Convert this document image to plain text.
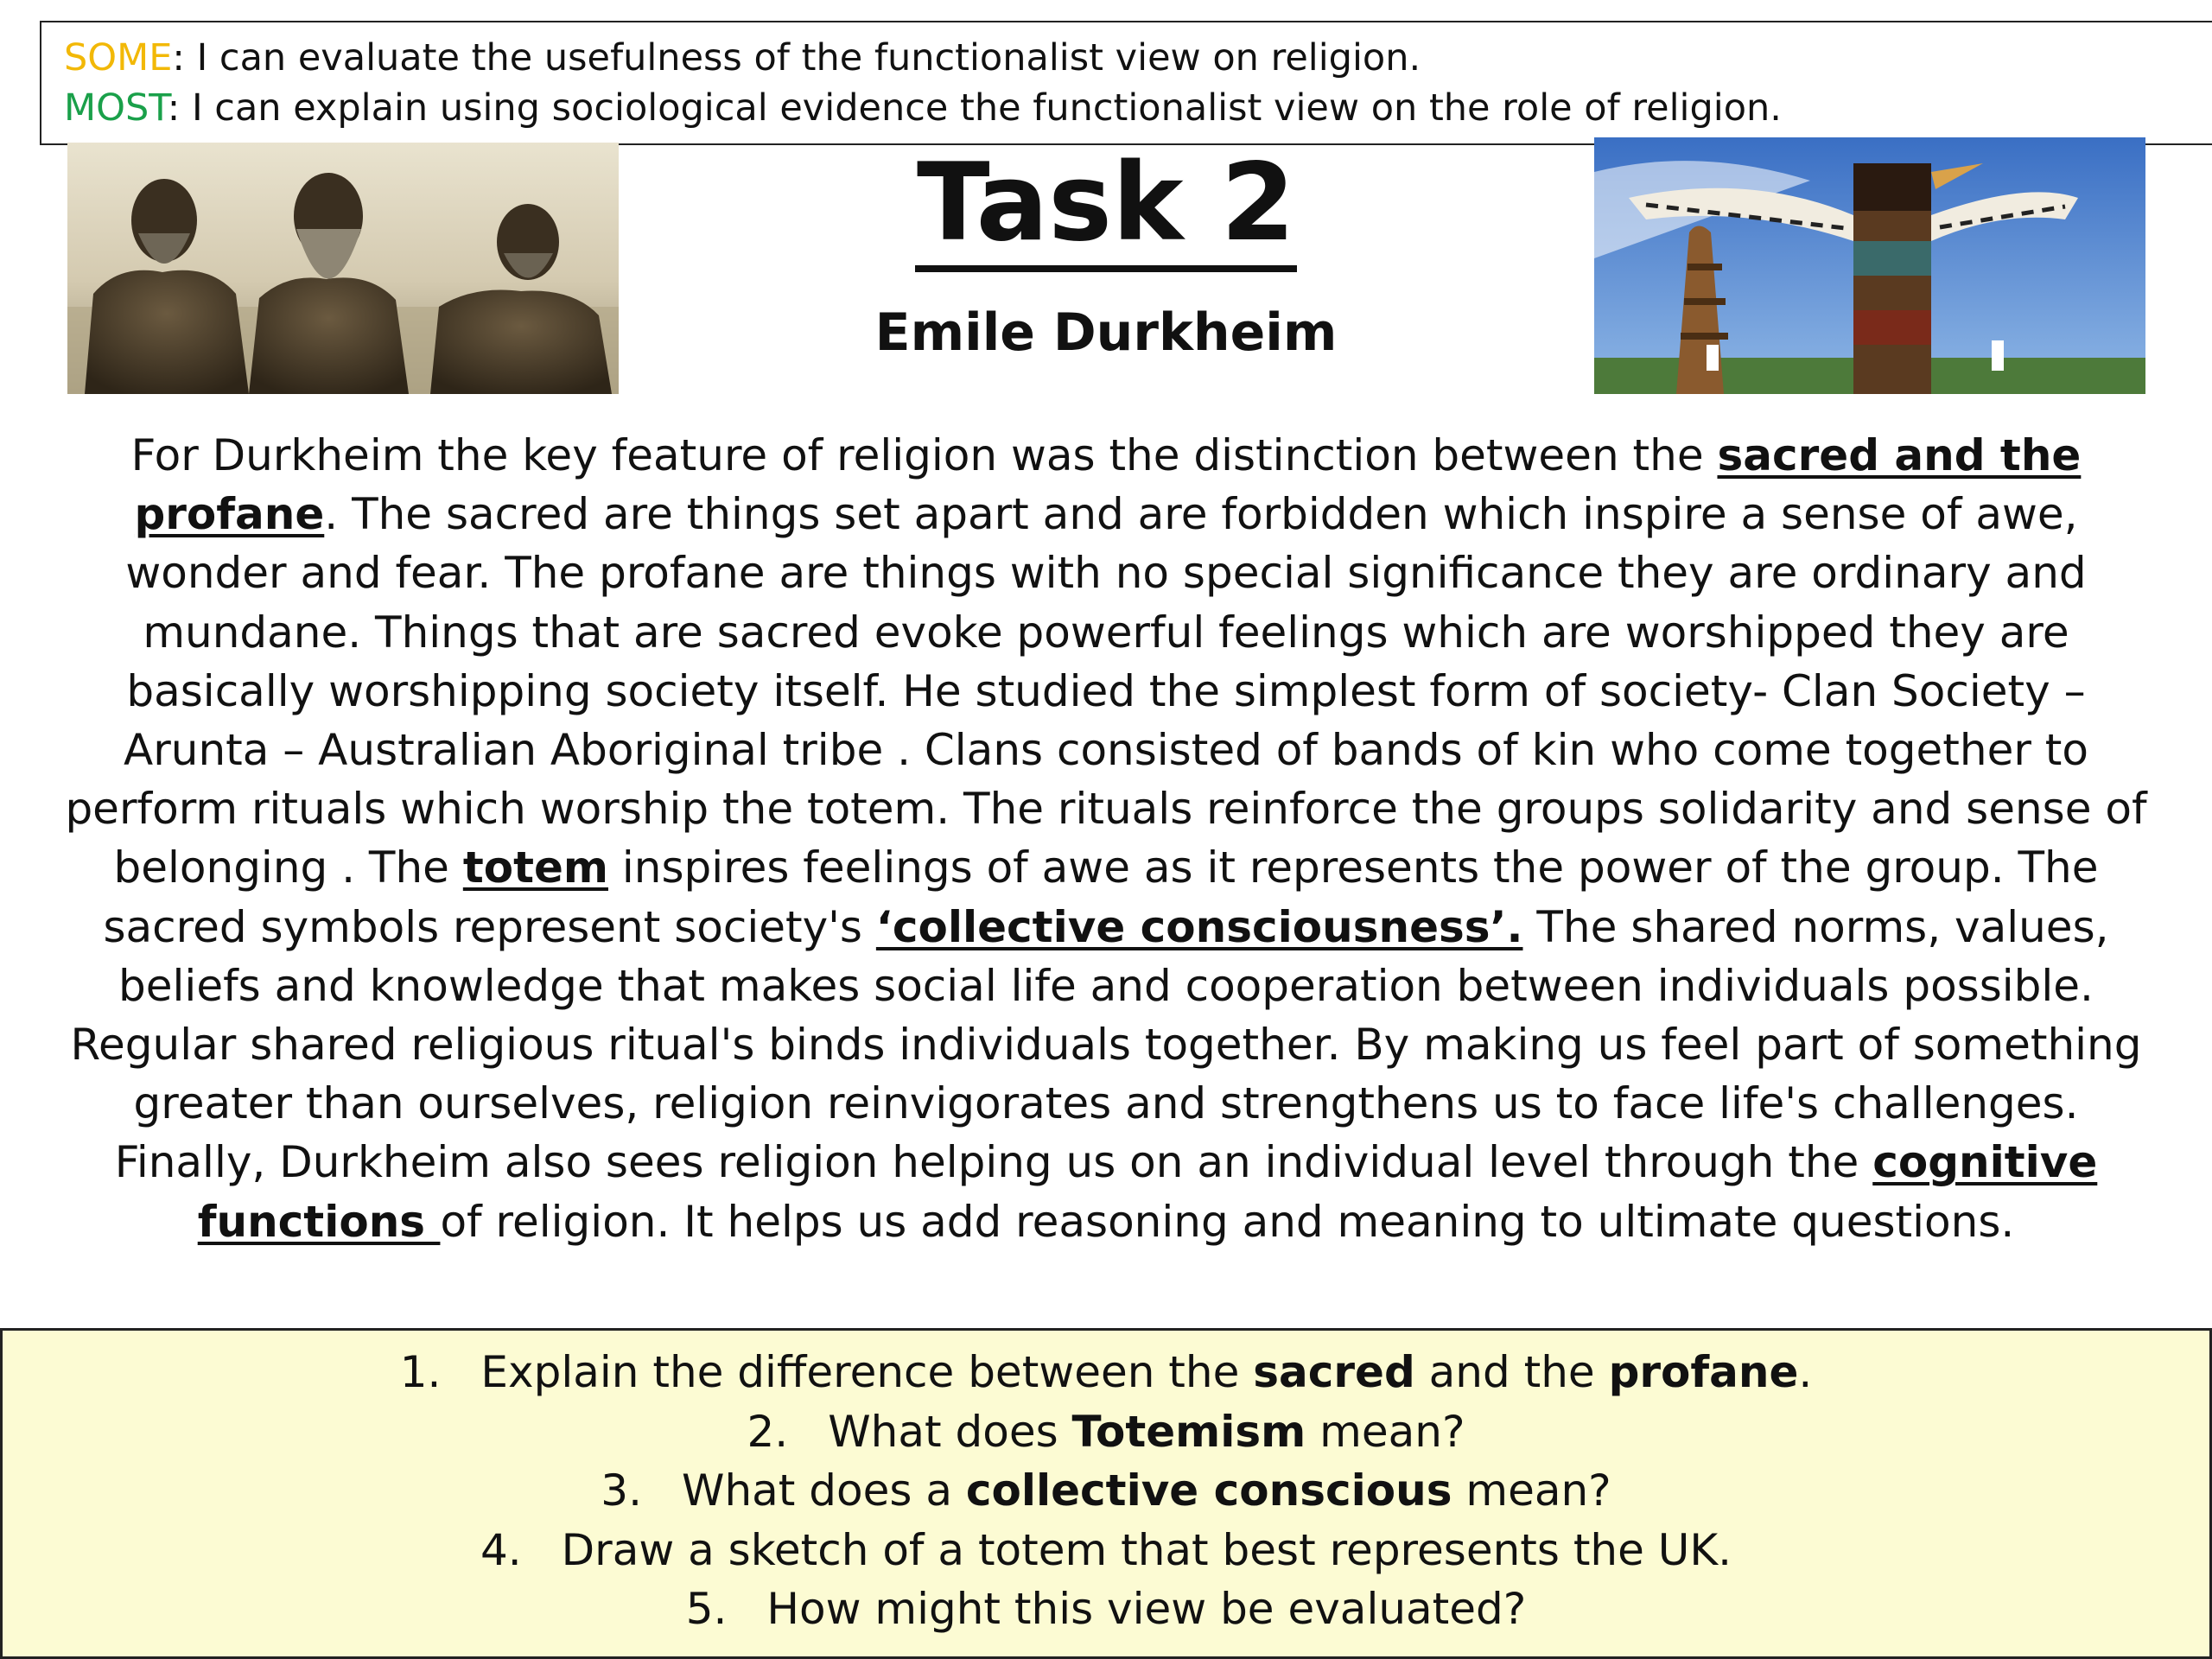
SOME: I can evaluate the usefulness of the functionalist view on religion.
MOST: I can explain using sociological evidence the functionalist view on the role of religion.
Task 2
Emile Durkheim
For Durkheim the key feature of religion was the distinction between the sacred and the profane. The sacred are things set apart and are forbidden which inspire a sense of awe, wonder and fear. The profane are things with no special significance they are ordinary and mundane. Things that are sacred evoke powerful feelings which are worshipped they are basically worshipping society itself. He studied the simplest form of society- Clan Society – Arunta – Australian Aboriginal tribe . Clans consisted of bands of kin who come together to perform rituals which worship the totem. The rituals reinforce the groups solidarity and sense of belonging . The totem inspires feelings of awe as it represents the power of the group. The sacred symbols represent society's ‘collective consciousness’. The shared norms, values, beliefs and knowledge that makes social life and cooperation between individuals possible. Regular shared religious ritual's binds individuals together. By making us feel part of something greater than ourselves, religion reinvigorates and strengthens us to face life's challenges. Finally, Durkheim also sees religion helping us on an individual level through the cognitive functions of religion. It helps us add reasoning and meaning to ultimate questions.
1. Explain the difference between the sacred and the profane.
2. What does Totemism mean?
3. What does a collective conscious mean?
4. Draw a sketch of a totem that best represents the UK.
5. How might this view be evaluated?
